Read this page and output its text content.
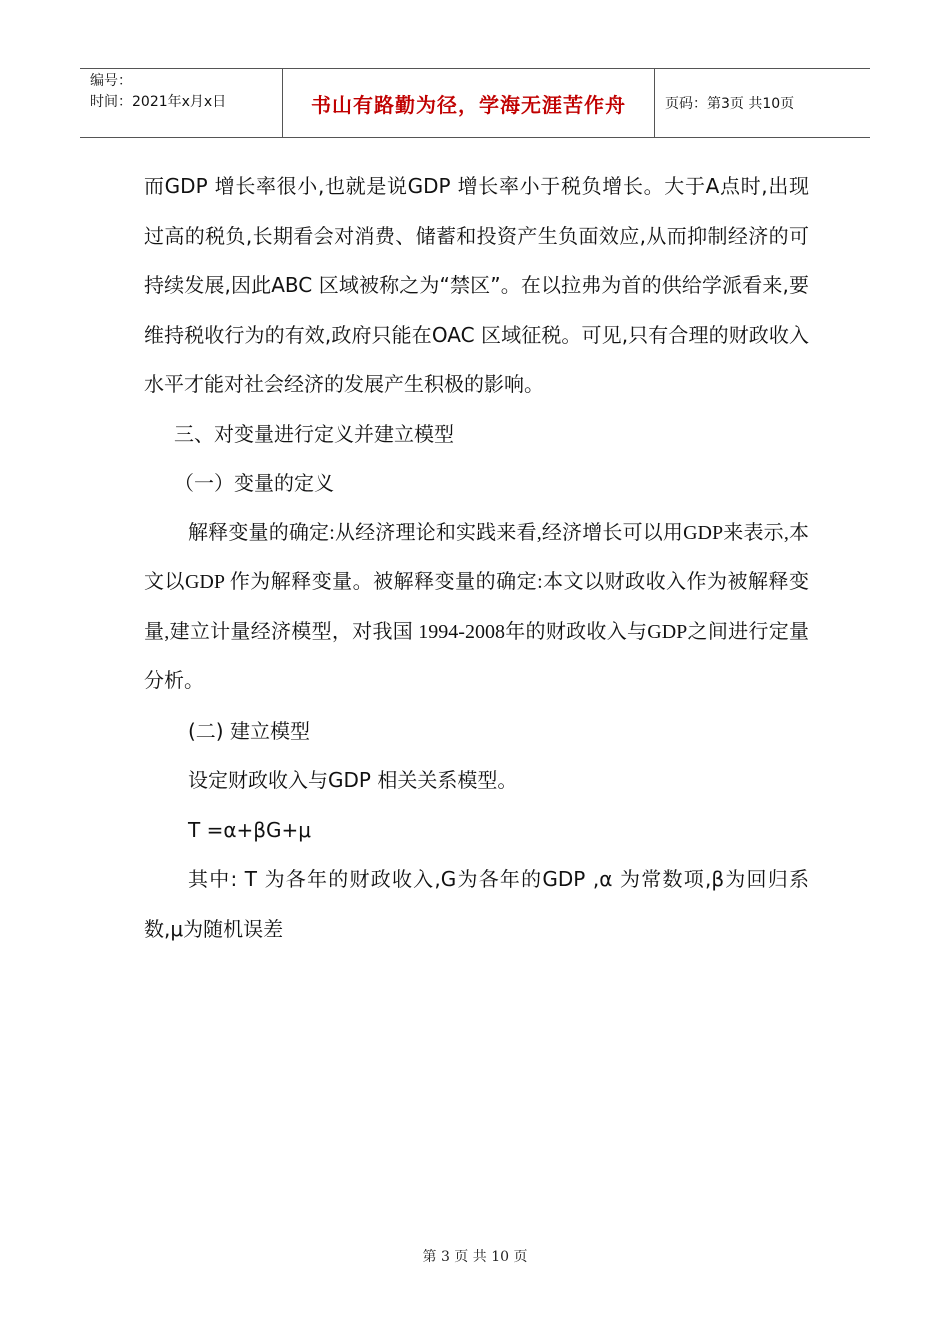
编号：
时间：2021年x月x日	书山有路勤为径，学海无涯苦作舟	页码：第3页 共10页

而GDP 增长率很小,也就是说GDP 增长率小于税负增长。大于A点时,出现过高的税负,长期看会对消费、储蓄和投资产生负面效应,从而抑制经济的可持续发展,因此ABC 区域被称之为“禁区”。在以拉弗为首的供给学派看来,要维持税收行为的有效,政府只能在OAC 区域征税。可见,只有合理的财政收入水平才能对社会经济的发展产生积极的影响。

三、对变量进行定义并建立模型

（一）变量的定义

解释变量的确定:从经济理论和实践来看,经济增长可以用GDP来表示,本文以GDP 作为解释变量。被解释变量的确定:本文以财政收入作为被解释变量,建立计量经济模型，对我国 1994-2008年的财政收入与GDP之间进行定量分析。

(二) 建立模型

设定财政收入与GDP 相关关系模型。

T =α+βG+μ

其中: T 为各年的财政收入,G为各年的GDP ,α 为常数项,β为回归系数,μ为随机误差

第 3 页 共 10 页
